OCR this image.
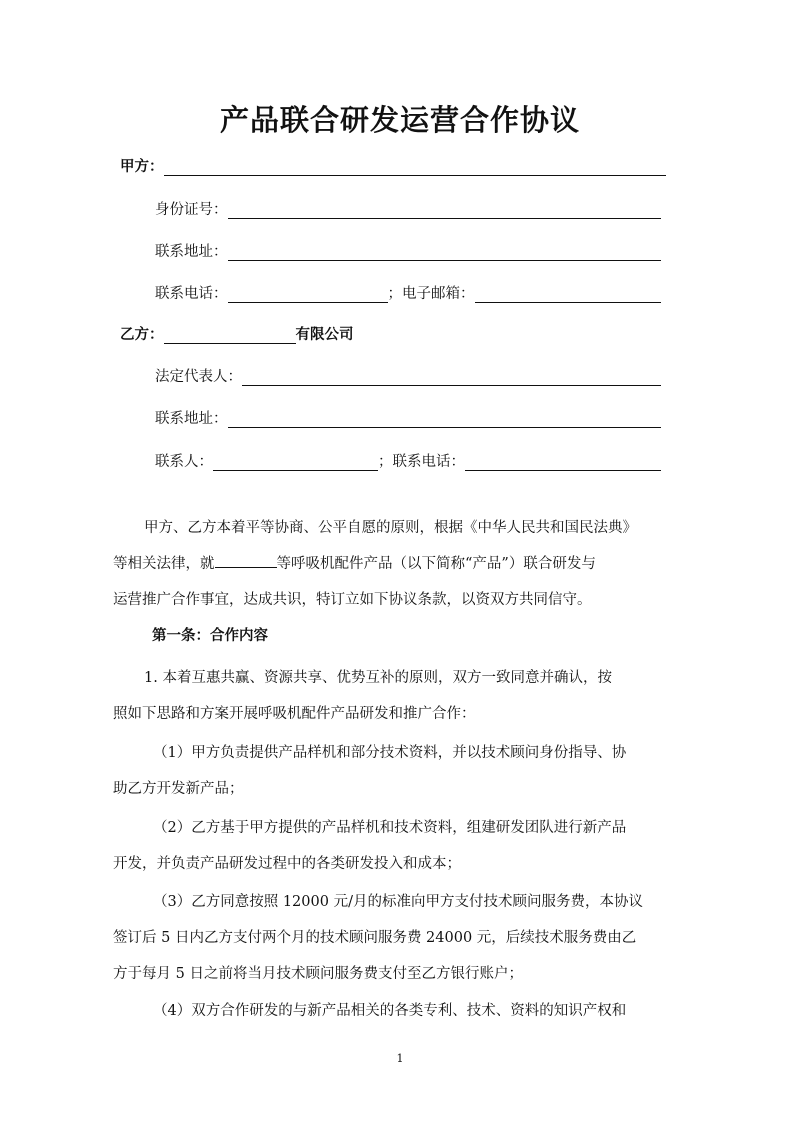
产品联合研发运营合作协议
甲方：
身份证号：
联系地址：
联系电话：	；电子邮箱：
乙方：	有限公司
法定代表人：
联系地址：
联系人：	；联系电话：
甲方、乙方本着平等协商、公平自愿的原则，根据《中华人民共和国民法典》
等相关法律，就	等呼吸机配件产品（以下简称“产品”）联合研发与
运营推广合作事宜，达成共识，特订立如下协议条款，以资双方共同信守。
第一条：合作内容
1. 本着互惠共赢、资源共享、优势互补的原则，双方一致同意并确认，按
照如下思路和方案开展呼吸机配件产品研发和推广合作：
（1）甲方负责提供产品样机和部分技术资料，并以技术顾问身份指导、协
助乙方开发新产品；
（2）乙方基于甲方提供的产品样机和技术资料，组建研发团队进行新产品
开发，并负责产品研发过程中的各类研发投入和成本；
（3）乙方同意按照 12000 元/月的标准向甲方支付技术顾问服务费，本协议
签订后 5 日内乙方支付两个月的技术顾问服务费 24000 元，后续技术服务费由乙
方于每月 5 日之前将当月技术顾问服务费支付至乙方银行账户；
（4）双方合作研发的与新产品相关的各类专利、技术、资料的知识产权和
1
